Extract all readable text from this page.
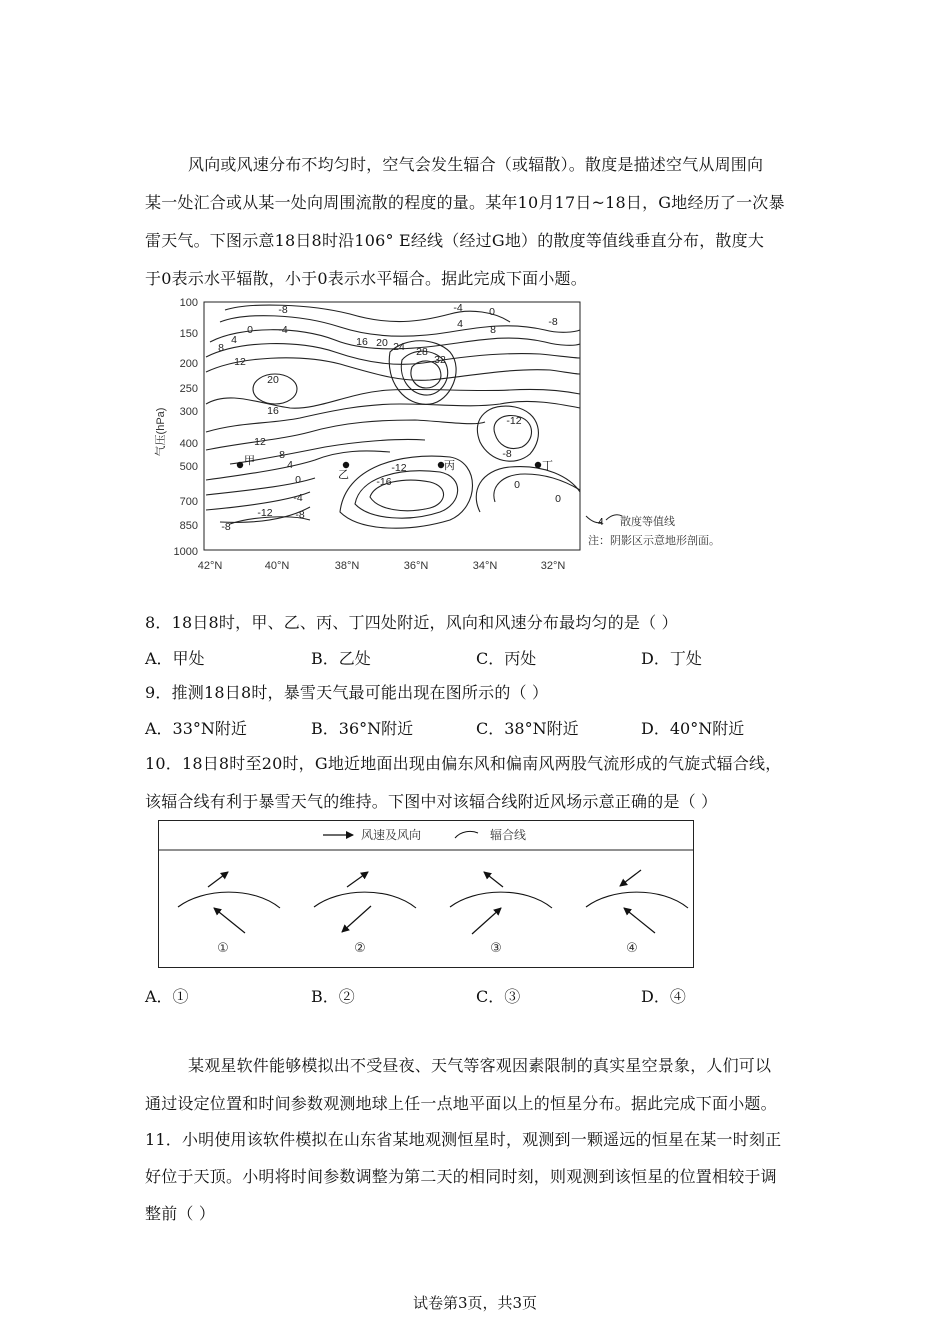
风向或风速分布不均匀时，空气会发生辐合（或辐散）。散度是描述空气从周围向
某一处汇合或从某一处向周围流散的程度的量。某年10月17日~18日，G地经历了一次暴
雷天气。下图示意18日8时沿106° E经线（经过G地）的散度等值线垂直分布，散度大
于0表示水平辐散，小于0表示水平辐合。据此完成下面小题。
气压(hPa)
100
150
200
250
300
400
500
700
850
1000
42°N	40°N	38°N	36°N	34°N	32°N
-8
-4
0
4
8
12
20
16
12
8
4
0
-4
-8
-12
-8
16 20 24 28
32
-4	0
4	8
-8
-12
-8
-12
-16	0
0
甲
乙
丙	丁
4 散度等值线
注：阴影区示意地形剖面。
8．18日8时，甲、乙、丙、丁四处附近，风向和风速分布最均匀的是（ ）
A．甲处	B．乙处	C．丙处	D．丁处
9．推测18日8时，暴雪天气最可能出现在图所示的（ ）
A．33°N附近	B．36°N附近	C．38°N附近	D．40°N附近
10．18日8时至20时，G地近地面出现由偏东风和偏南风两股气流形成的气旋式辐合线，
该辐合线有利于暴雪天气的维持。下图中对该辐合线附近风场示意正确的是（ ）
风速及风向	辐合线
①	②	③	④
A．①	B．②	C．③	D．④
某观星软件能够模拟出不受昼夜、天气等客观因素限制的真实星空景象，人们可以
通过设定位置和时间参数观测地球上任一点地平面以上的恒星分布。据此完成下面小题。
11．小明使用该软件模拟在山东省某地观测恒星时，观测到一颗遥远的恒星在某一时刻正
好位于天顶。小明将时间参数调整为第二天的相同时刻，则观测到该恒星的位置相较于调
整前（ ）
试卷第3页，共3页
